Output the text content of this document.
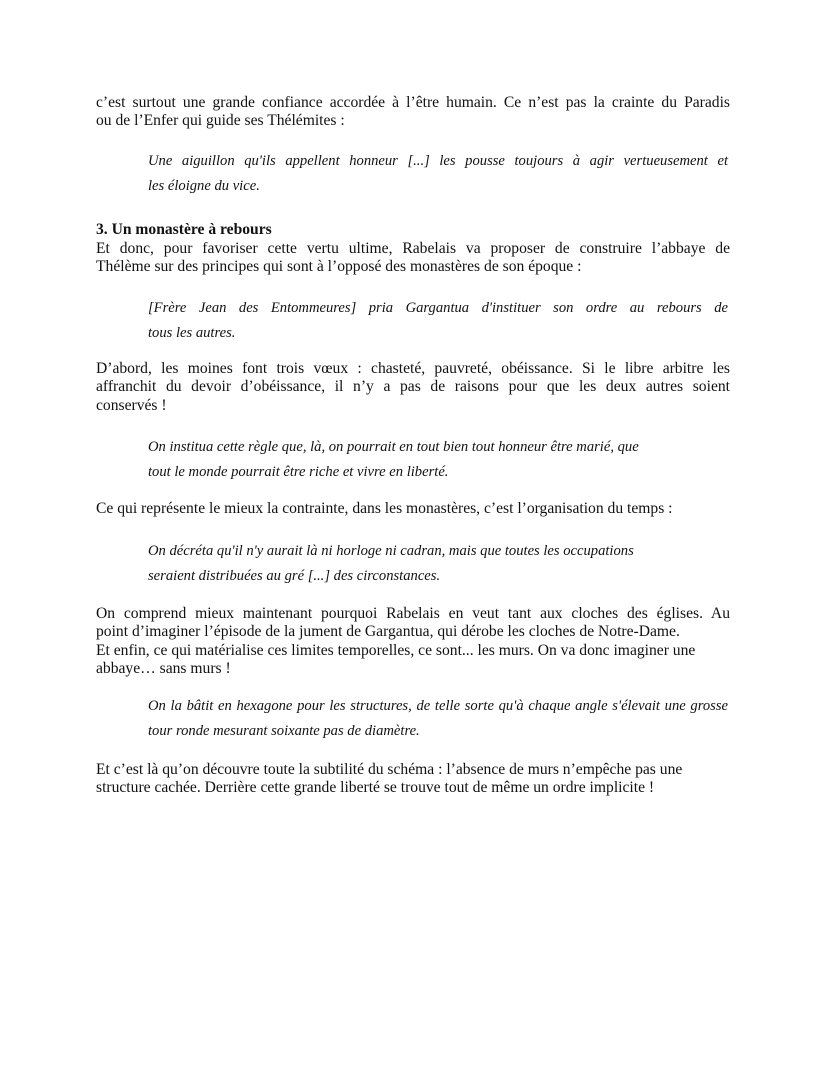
c’est surtout une grande confiance accordée à l’être humain. Ce n’est pas la crainte du Paradis
ou de l’Enfer qui guide ses Thélémites :

Une aiguillon qu'ils appellent honneur [...] les pousse toujours à agir vertueusement et
les éloigne du vice.

3. Un monastère à rebours

Et donc, pour favoriser cette vertu ultime, Rabelais va proposer de construire l’abbaye de
Thélème sur des principes qui sont à l’opposé des monastères de son époque :

[Frère Jean des Entommeures] pria Gargantua d'instituer son ordre au rebours de
tous les autres.

D’abord, les moines font trois vœux : chasteté, pauvreté, obéissance. Si le libre arbitre les
affranchit du devoir d’obéissance, il n’y a pas de raisons pour que les deux autres soient
conservés !

On institua cette règle que, là, on pourrait en tout bien tout honneur être marié, que
tout le monde pourrait être riche et vivre en liberté.

Ce qui représente le mieux la contrainte, dans les monastères, c’est l’organisation du temps :

On décréta qu'il n'y aurait là ni horloge ni cadran, mais que toutes les occupations
seraient distribuées au gré [...] des circonstances.

On comprend mieux maintenant pourquoi Rabelais en veut tant aux cloches des églises. Au
point d’imaginer l’épisode de la jument de Gargantua, qui dérobe les cloches de Notre-Dame.
Et enfin, ce qui matérialise ces limites temporelles, ce sont... les murs. On va donc imaginer une
abbaye… sans murs !

On la bâtit en hexagone pour les structures, de telle sorte qu'à chaque angle s'élevait une grosse
tour ronde mesurant soixante pas de diamètre.

Et c’est là qu’on découvre toute la subtilité du schéma : l’absence de murs n’empêche pas une
structure cachée. Derrière cette grande liberté se trouve tout de même un ordre implicite !
